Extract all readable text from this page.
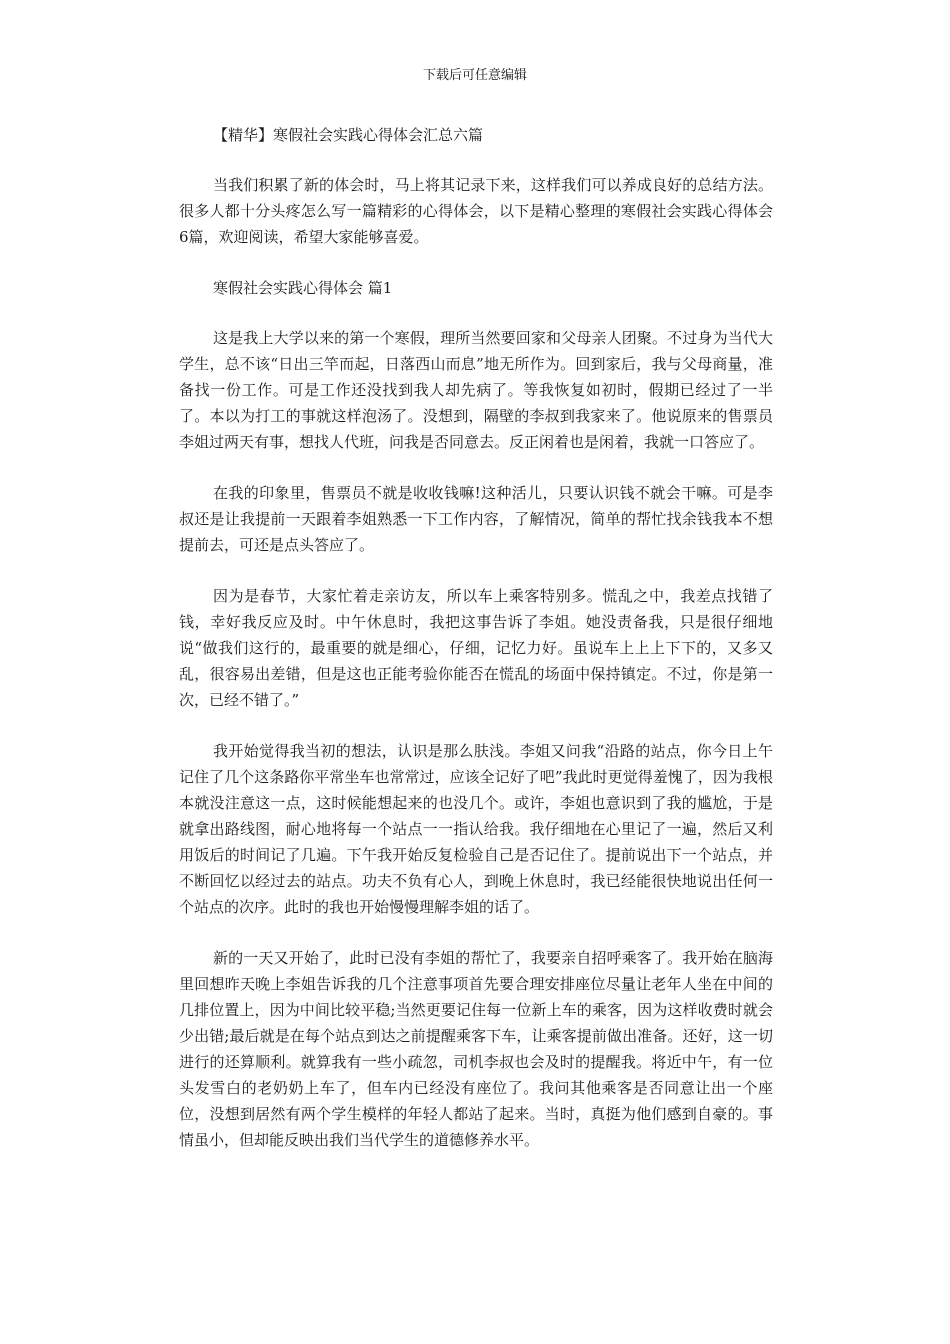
下载后可任意编辑
【精华】寒假社会实践心得体会汇总六篇

当我们积累了新的体会时，马上将其记录下来，这样我们可以养成良好的总结方法。很多人都十分头疼怎么写一篇精彩的心得体会，以下是精心整理的寒假社会实践心得体会6篇，欢迎阅读，希望大家能够喜爱。

寒假社会实践心得体会 篇1

这是我上大学以来的第一个寒假，理所当然要回家和父母亲人团聚。不过身为当代大学生，总不该“日出三竿而起，日落西山而息”地无所作为。回到家后，我与父母商量，准备找一份工作。可是工作还没找到我人却先病了。等我恢复如初时，假期已经过了一半了。本以为打工的事就这样泡汤了。没想到，隔壁的李叔到我家来了。他说原来的售票员李姐过两天有事，想找人代班，问我是否同意去。反正闲着也是闲着，我就一口答应了。

在我的印象里，售票员不就是收收钱嘛!这种活儿，只要认识钱不就会干嘛。可是李叔还是让我提前一天跟着李姐熟悉一下工作内容，了解情况，简单的帮忙找余钱我本不想提前去，可还是点头答应了。

因为是春节，大家忙着走亲访友，所以车上乘客特别多。慌乱之中，我差点找错了钱，幸好我反应及时。中午休息时，我把这事告诉了李姐。她没责备我，只是很仔细地说“做我们这行的，最重要的就是细心，仔细，记忆力好。虽说车上上上下下的，又多又乱，很容易出差错，但是这也正能考验你能否在慌乱的场面中保持镇定。不过，你是第一次，已经不错了。”

我开始觉得我当初的想法，认识是那么肤浅。李姐又问我“沿路的站点，你今日上午记住了几个这条路你平常坐车也常常过，应该全记好了吧”我此时更觉得羞愧了，因为我根本就没注意这一点，这时候能想起来的也没几个。或许，李姐也意识到了我的尴尬，于是就拿出路线图，耐心地将每一个站点一一指认给我。我仔细地在心里记了一遍，然后又利用饭后的时间记了几遍。下午我开始反复检验自己是否记住了。提前说出下一个站点，并不断回忆以经过去的站点。功夫不负有心人，到晚上休息时，我已经能很快地说出任何一个站点的次序。此时的我也开始慢慢理解李姐的话了。

新的一天又开始了，此时已没有李姐的帮忙了，我要亲自招呼乘客了。我开始在脑海里回想昨天晚上李姐告诉我的几个注意事项首先要合理安排座位尽量让老年人坐在中间的几排位置上，因为中间比较平稳;当然更要记住每一位新上车的乘客，因为这样收费时就会少出错;最后就是在每个站点到达之前提醒乘客下车，让乘客提前做出准备。还好，这一切进行的还算顺利。就算我有一些小疏忽，司机李叔也会及时的提醒我。将近中午，有一位头发雪白的老奶奶上车了，但车内已经没有座位了。我问其他乘客是否同意让出一个座位，没想到居然有两个学生模样的年轻人都站了起来。当时，真挺为他们感到自豪的。事情虽小，但却能反映出我们当代学生的道德修养水平。
